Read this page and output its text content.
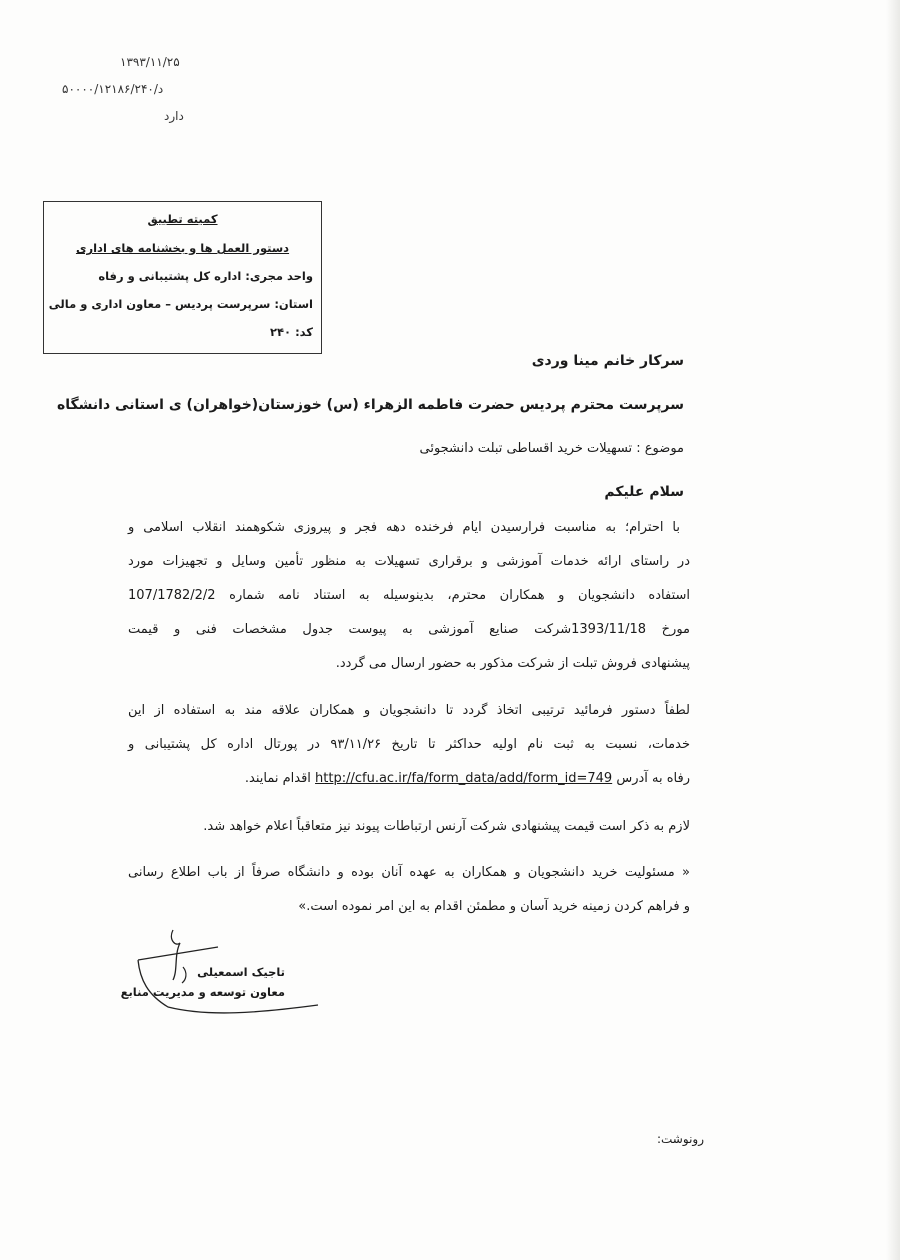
۱۳۹۳/۱۱/۲۵
د/۵۰۰۰۰/۱۲۱۸۶/۲۴۰
دارد
کمیته تطبیق
دستور العمل ها و بخشنامه های اداری
واحد مجری: اداره کل پشتیبانی و رفاه
استان: سرپرست پردیس – معاون اداری و مالی
کد: ۲۴۰
سرکار خانم مینا وردی
سرپرست محترم پردیس حضرت فاطمه الزهراء (س) خوزستان(خواهران) ی استانی دانشگاه
موضوع : تسهیلات خرید اقساطی تبلت دانشجوئی
سلام علیکم
با احترام؛ به مناسبت فرارسیدن ایام فرخنده دهه فجر و پیروزی شکوهمند انقلاب اسلامی و
در راستای ارائه خدمات آموزشی و برقراری تسهیلات به منظور تأمین وسایل و تجهیزات مورد
استفاده دانشجویان و همکاران محترم، بدینوسیله به استناد نامه شماره 107/1782/2/2
مورخ 1393/11/18شرکت صنایع آموزشی به پیوست جدول مشخصات فنی و قیمت
پیشنهادی فروش تبلت از شرکت مذکور به حضور ارسال می گردد.
لطفاً دستور فرمائید ترتیبی اتخاذ گردد تا دانشجویان و همکاران علاقه مند به استفاده از این
خدمات، نسبت به ثبت نام اولیه حداکثر تا تاریخ ۹۳/۱۱/۲۶ در پورتال اداره کل پشتیبانی و
رفاه به آدرس http://cfu.ac.ir/fa/form_data/add/form_id=749 اقدام نمایند.
لازم به ذکر است قیمت پیشنهادی شرکت آرنس ارتباطات پیوند نیز متعاقباً اعلام خواهد شد.
« مسئولیت خرید دانشجویان و همکاران به عهده آنان بوده و دانشگاه صرفاً از باب اطلاع رسانی
و فراهم کردن زمینه خرید آسان و مطمئن اقدام به این امر نموده است.»
تاجیک اسمعیلی
معاون توسعه و مدیریت منابع
رونوشت:
